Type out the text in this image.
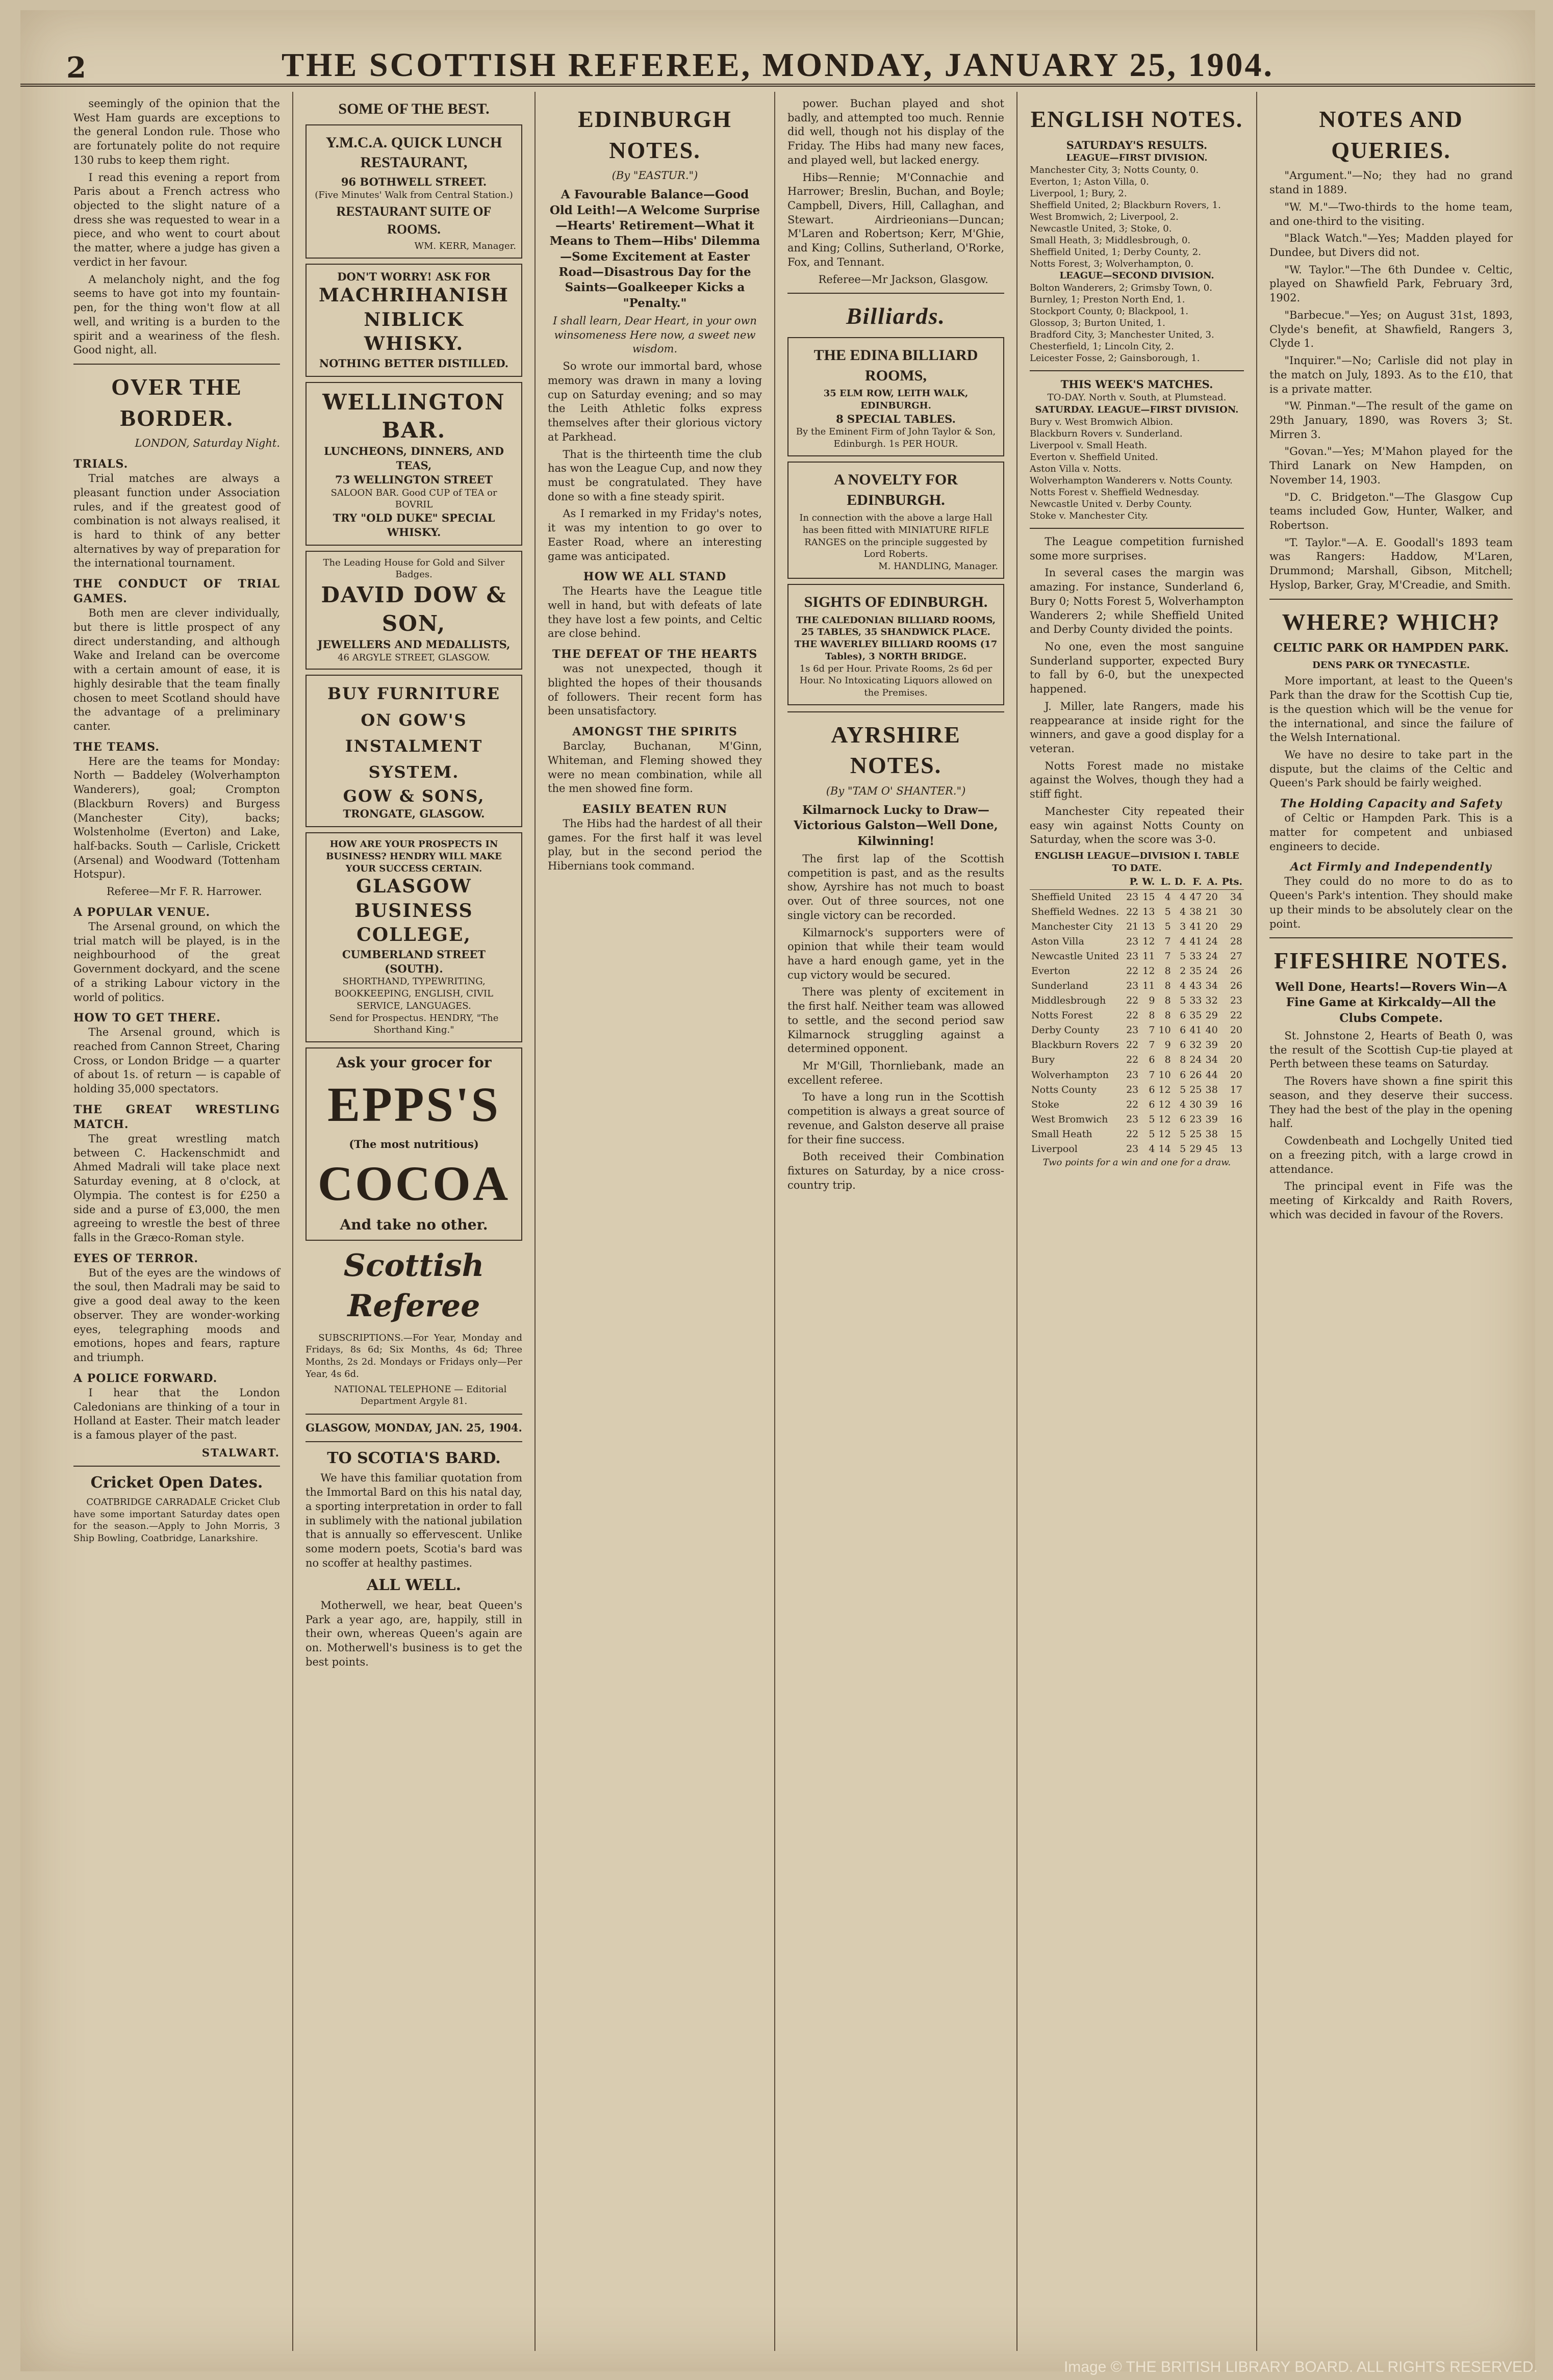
2	THE SCOTTISH REFEREE, MONDAY, JANUARY 25, 1904.

seemingly of the opinion that the West Ham guards are exceptions to the general London rule. Those who are fortunately polite do not require 130 rubs to keep them right.

I read this evening a report from Paris about a French actress who objected to the slight nature of a dress she was requested to wear in a piece, and who went to court about the matter, where a judge has given a verdict in her favour.

A melancholy night, and the fog seems to have got into my fountain-pen, for the thing won't flow at all well, and writing is a burden to the spirit and a weariness of the flesh. Good night, all.

OVER THE BORDER.
LONDON, Saturday Night.
TRIALS.

Trial matches are always a pleasant function under Association rules, and if the greatest good of combination is not always realised, it is hard to think of any better alternatives by way of preparation for the international tournament.

THE CONDUCT OF TRIAL GAMES.

Both men are clever individually, but there is little prospect of any direct understanding, and although Wake and Ireland can be overcome with a certain amount of ease, it is highly desirable that the team finally chosen to meet Scotland should have the advantage of a preliminary canter.

THE TEAMS.

Here are the teams for Monday: North — Baddeley (Wolverhampton Wanderers), goal; Crompton (Blackburn Rovers) and Burgess (Manchester City), backs; Wolstenholme (Everton) and Lake, half-backs. South — Carlisle, Crickett (Arsenal) and Woodward (Tottenham Hotspur).

Referee—Mr F. R. Harrower.

A POPULAR VENUE.

The Arsenal ground, on which the trial match will be played, is in the neighbourhood of the great Government dockyard, and the scene of a striking Labour victory in the world of politics.

HOW TO GET THERE.

The Arsenal ground, which is reached from Cannon Street, Charing Cross, or London Bridge — a quarter of about 1s. of return — is capable of holding 35,000 spectators.

THE GREAT WRESTLING MATCH.

The great wrestling match between C. Hackenschmidt and Ahmed Madrali will take place next Saturday evening, at 8 o'clock, at Olympia. The contest is for £250 a side and a purse of £3,000, the men agreeing to wrestle the best of three falls in the Græco-Roman style.

EYES OF TERROR.

But of the eyes are the windows of the soul, then Madrali may be said to give a good deal away to the keen observer. They are wonder-working eyes, telegraphing moods and emotions, hopes and fears, rapture and triumph.

A POLICE FORWARD.

I hear that the London Caledonians are thinking of a tour in Holland at Easter. Their match leader is a famous player of the past.

STALWART.
Cricket Open Dates.

COATBRIDGE CARRADALE Cricket Club have some important Saturday dates open for the season.—Apply to John Morris, 3 Ship Bowling, Coatbridge, Lanarkshire.

SOME OF THE BEST.
Y.M.C.A. QUICK LUNCH RESTAURANT,
96 BOTHWELL STREET.
(Five Minutes' Walk from Central Station.)
RESTAURANT SUITE OF ROOMS.
WM. KERR, Manager.
DON'T WORRY! ASK FOR
MACHRIHANISH NIBLICK WHISKY.
NOTHING BETTER DISTILLED.
WELLINGTON BAR.
LUNCHEONS, DINNERS, AND TEAS,
73 WELLINGTON STREET
SALOON BAR. Good CUP of TEA or BOVRIL
TRY "OLD DUKE" SPECIAL WHISKY.
The Leading House for Gold and Silver Badges.
DAVID DOW & SON,
JEWELLERS AND MEDALLISTS,
46 ARGYLE STREET, GLASGOW.
BUY FURNITURE ON GOW'S INSTALMENT SYSTEM.
GOW & SONS,
TRONGATE, GLASGOW.
HOW ARE YOUR PROSPECTS IN BUSINESS? HENDRY WILL MAKE YOUR SUCCESS CERTAIN.
GLASGOW BUSINESS COLLEGE,
CUMBERLAND STREET (SOUTH).
SHORTHAND, TYPEWRITING, BOOKKEEPING, ENGLISH, CIVIL SERVICE, LANGUAGES.
Send for Prospectus. HENDRY, "The Shorthand King."
Ask your grocer for
EPPS'S
(The most nutritious)
COCOA
And take no other.
Scottish Referee

SUBSCRIPTIONS.—For Year, Monday and Fridays, 8s 6d; Six Months, 4s 6d; Three Months, 2s 2d. Mondays or Fridays only—Per Year, 4s 6d.

NATIONAL TELEPHONE — Editorial Department Argyle 81.

GLASGOW, MONDAY, JAN. 25, 1904.
TO SCOTIA'S BARD.

We have this familiar quotation from the Immortal Bard on this his natal day, a sporting interpretation in order to fall in sublimely with the national jubilation that is annually so effervescent. Unlike some modern poets, Scotia's bard was no scoffer at healthy pastimes.

ALL WELL.

Motherwell, we hear, beat Queen's Park a year ago, are, happily, still in their own, whereas Queen's again are on. Motherwell's business is to get the best points.

EDINBURGH NOTES.
(By "EASTUR.")
A Favourable Balance—Good Old Leith!—A Welcome Surprise—Hearts' Retirement—What it Means to Them—Hibs' Dilemma—Some Excitement at Easter Road—Disastrous Day for the Saints—Goalkeeper Kicks a "Penalty."

I shall learn, Dear Heart, in your own winsomeness Here now, a sweet new wisdom.

So wrote our immortal bard, whose memory was drawn in many a loving cup on Saturday evening; and so may the Leith Athletic folks express themselves after their glorious victory at Parkhead.

That is the thirteenth time the club has won the League Cup, and now they must be congratulated. They have done so with a fine steady spirit.

As I remarked in my Friday's notes, it was my intention to go over to Easter Road, where an interesting game was anticipated.

HOW WE ALL STAND

The Hearts have the League title well in hand, but with defeats of late they have lost a few points, and Celtic are close behind.

THE DEFEAT OF THE HEARTS

was not unexpected, though it blighted the hopes of their thousands of followers. Their recent form has been unsatisfactory.

AMONGST THE SPIRITS

Barclay, Buchanan, M'Ginn, Whiteman, and Fleming showed they were no mean combination, while all the men showed fine form.

EASILY BEATEN RUN

The Hibs had the hardest of all their games. For the first half it was level play, but in the second period the Hibernians took command.

power. Buchan played and shot badly, and attempted too much. Rennie did well, though not his display of the Friday. The Hibs had many new faces, and played well, but lacked energy.

Hibs—Rennie; M'Connachie and Harrower; Breslin, Buchan, and Boyle; Campbell, Divers, Hill, Callaghan, and Stewart. Airdrieonians—Duncan; M'Laren and Robertson; Kerr, M'Ghie, and King; Collins, Sutherland, O'Rorke, Fox, and Tennant.

Referee—Mr Jackson, Glasgow.

Billiards.
THE EDINA BILLIARD ROOMS,
35 ELM ROW, LEITH WALK, EDINBURGH.
8 SPECIAL TABLES.
By the Eminent Firm of John Taylor & Son, Edinburgh. 1s PER HOUR.
A NOVELTY FOR EDINBURGH.
In connection with the above a large Hall has been fitted with MINIATURE RIFLE RANGES on the principle suggested by Lord Roberts.
M. HANDLING, Manager.
SIGHTS OF EDINBURGH.
THE CALEDONIAN BILLIARD ROOMS, 25 TABLES, 35 SHANDWICK PLACE.
THE WAVERLEY BILLIARD ROOMS (17 Tables), 3 NORTH BRIDGE.
1s 6d per Hour. Private Rooms, 2s 6d per Hour. No Intoxicating Liquors allowed on the Premises.
AYRSHIRE NOTES.
(By "TAM O' SHANTER.")
Kilmarnock Lucky to Draw—Victorious Galston—Well Done, Kilwinning!

The first lap of the Scottish competition is past, and as the results show, Ayrshire has not much to boast over. Out of three sources, not one single victory can be recorded.

Kilmarnock's supporters were of opinion that while their team would have a hard enough game, yet in the cup victory would be secured.

There was plenty of excitement in the first half. Neither team was allowed to settle, and the second period saw Kilmarnock struggling against a determined opponent.

Mr M'Gill, Thornliebank, made an excellent referee.

To have a long run in the Scottish competition is always a great source of revenue, and Galston deserve all praise for their fine success.

Both received their Combination fixtures on Saturday, by a nice cross-country trip.

ENGLISH NOTES.
SATURDAY'S RESULTS.
LEAGUE—FIRST DIVISION.
Manchester City, 3; Notts County, 0.
Everton, 1; Aston Villa, 0.
Liverpool, 1; Bury, 2.
Sheffield United, 2; Blackburn Rovers, 1.
West Bromwich, 2; Liverpool, 2.
Newcastle United, 3; Stoke, 0.
Small Heath, 3; Middlesbrough, 0.
Sheffield United, 1; Derby County, 2.
Notts Forest, 3; Wolverhampton, 0.
LEAGUE—SECOND DIVISION.
Bolton Wanderers, 2; Grimsby Town, 0.
Burnley, 1; Preston North End, 1.
Stockport County, 0; Blackpool, 1.
Glossop, 3; Burton United, 1.
Bradford City, 3; Manchester United, 3.
Chesterfield, 1; Lincoln City, 2.
Leicester Fosse, 2; Gainsborough, 1.
THIS WEEK'S MATCHES.
TO-DAY. North v. South, at Plumstead.
SATURDAY. LEAGUE—FIRST DIVISION.
Bury v. West Bromwich Albion.
Blackburn Rovers v. Sunderland.
Liverpool v. Small Heath.
Everton v. Sheffield United.
Aston Villa v. Notts.
Wolverhampton Wanderers v. Notts County.
Notts Forest v. Sheffield Wednesday.
Newcastle United v. Derby County.
Stoke v. Manchester City.

The League competition furnished some more surprises.

In several cases the margin was amazing. For instance, Sunderland 6, Bury 0; Notts Forest 5, Wolverhampton Wanderers 2; while Sheffield United and Derby County divided the points.

No one, even the most sanguine Sunderland supporter, expected Bury to fall by 6-0, but the unexpected happened.

J. Miller, late Rangers, made his reappearance at inside right for the winners, and gave a good display for a veteran.

Notts Forest made no mistake against the Wolves, though they had a stiff fight.

Manchester City repeated their easy win against Notts County on Saturday, when the score was 3-0.

ENGLISH LEAGUE—DIVISION I. TABLE TO DATE.
	P.	W.	L.	D.	F.	A.	Pts.
Sheffield United	23	15	4	4	47	20	34
Sheffield Wednes.	22	13	5	4	38	21	30
Manchester City	21	13	5	3	41	20	29
Aston Villa	23	12	7	4	41	24	28
Newcastle United	23	11	7	5	33	24	27
Everton	22	12	8	2	35	24	26
Sunderland	23	11	8	4	43	34	26
Middlesbrough	22	9	8	5	33	32	23
Notts Forest	22	8	8	6	35	29	22
Derby County	23	7	10	6	41	40	20
Blackburn Rovers	22	7	9	6	32	39	20
Bury	22	6	8	8	24	34	20
Wolverhampton	23	7	10	6	26	44	20
Notts County	23	6	12	5	25	38	17
Stoke	22	6	12	4	30	39	16
West Bromwich	23	5	12	6	23	39	16
Small Heath	22	5	12	5	25	38	15
Liverpool	23	4	14	5	29	45	13
Two points for a win and one for a draw.
NOTES AND QUERIES.

"Argument."—No; they had no grand stand in 1889.

"W. M."—Two-thirds to the home team, and one-third to the visiting.

"Black Watch."—Yes; Madden played for Dundee, but Divers did not.

"W. Taylor."—The 6th Dundee v. Celtic, played on Shawfield Park, February 3rd, 1902.

"Barbecue."—Yes; on August 31st, 1893, Clyde's benefit, at Shawfield, Rangers 3, Clyde 1.

"Inquirer."—No; Carlisle did not play in the match on July, 1893. As to the £10, that is a private matter.

"W. Pinman."—The result of the game on 29th January, 1890, was Rovers 3; St. Mirren 3.

"Govan."—Yes; M'Mahon played for the Third Lanark on New Hampden, on November 14, 1903.

"D. C. Bridgeton."—The Glasgow Cup teams included Gow, Hunter, Walker, and Robertson.

"T. Taylor."—A. E. Goodall's 1893 team was Rangers: Haddow, M'Laren, Drummond; Marshall, Gibson, Mitchell; Hyslop, Barker, Gray, M'Creadie, and Smith.

WHERE? WHICH?
CELTIC PARK OR HAMPDEN PARK.
DENS PARK OR TYNECASTLE.

More important, at least to the Queen's Park than the draw for the Scottish Cup tie, is the question which will be the venue for the international, and since the failure of the Welsh International.

We have no desire to take part in the dispute, but the claims of the Celtic and Queen's Park should be fairly weighed.

The Holding Capacity and Safety

of Celtic or Hampden Park. This is a matter for competent and unbiased engineers to decide.

Act Firmly and Independently

They could do no more to do as to Queen's Park's intention. They should make up their minds to be absolutely clear on the point.

FIFESHIRE NOTES.
Well Done, Hearts!—Rovers Win—A Fine Game at Kirkcaldy—All the Clubs Compete.

St. Johnstone 2, Hearts of Beath 0, was the result of the Scottish Cup-tie played at Perth between these teams on Saturday.

The Rovers have shown a fine spirit this season, and they deserve their success. They had the best of the play in the opening half.

Cowdenbeath and Lochgelly United tied on a freezing pitch, with a large crowd in attendance.

The principal event in Fife was the meeting of Kirkcaldy and Raith Rovers, which was decided in favour of the Rovers.

Image © THE BRITISH LIBRARY BOARD. ALL RIGHTS RESERVED.
